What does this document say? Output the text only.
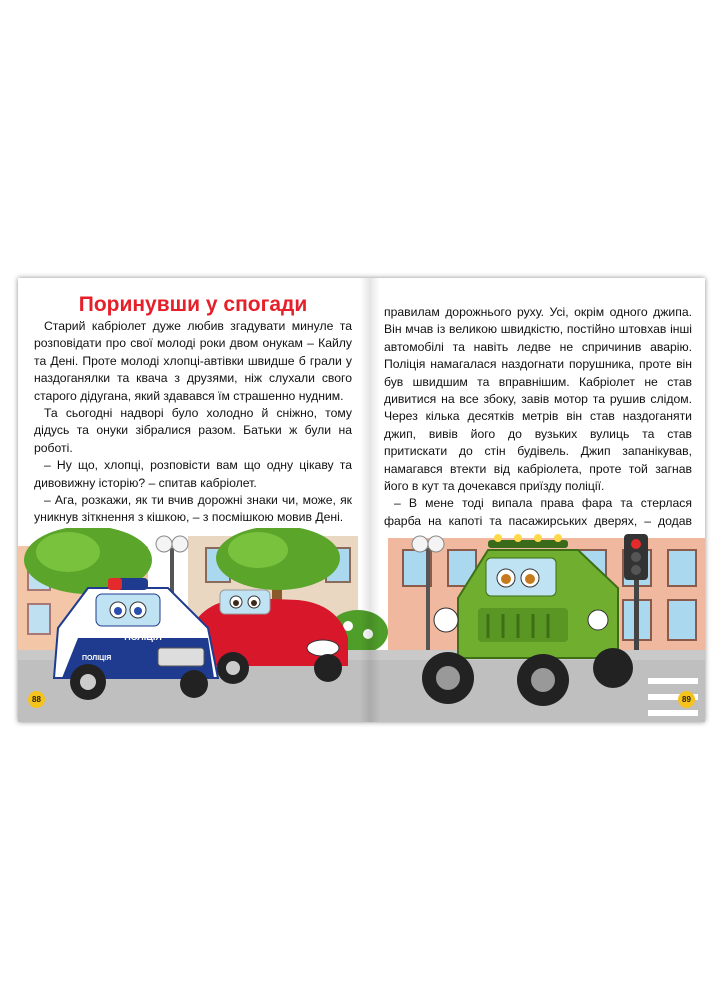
Поринувши у спогади

Старий кабріолет дуже любив згадувати минуле та розповідати про свої молоді роки двом онукам – Кайлу та Дені. Проте молоді хлопці-автівки швидше б грали у наздоганялки та квача з друзями, ніж слухали свого старого дідугана, який здавався їм страшенно нудним.

Та сьогодні надворі було холодно й сніжно, тому дідусь та онуки зібралися разом. Батьки ж були на роботі.

– Ну що, хлопці, розповісти вам що одну цікаву та дивовижну історію? – спитав кабріолет.

– Ага, розкажи, як ти вчив дорожні знаки чи, може, як уникнув зіткнення з кішкою, – з посмішкою мовив Дені.

правилам дорожнього руху. Усі, окрім одного джипа. Він мчав із великою швидкістю, постійно штовхав інші автомобілі та навіть ледве не спричинив аварію. Поліція намагалася наздогнати порушника, проте він був швидшим та вправнішим. Кабріолет не став дивитися на все збоку, завів мотор та рушив слідом. Через кілька десятків метрів він став наздоганяти джип, вивів його до вузьких вулиць та став притискати до стін будівель. Джип запанікував, намагався втекти від кабріолета, проте той загнав його в кут та дочекався приїзду поліції.

– В мене тоді випала права фара та стерлася фарба на капоті та пасажирських дверях, – додав

ПОЛІЦІЯ
ПОЛІЦІЯ
88	89
